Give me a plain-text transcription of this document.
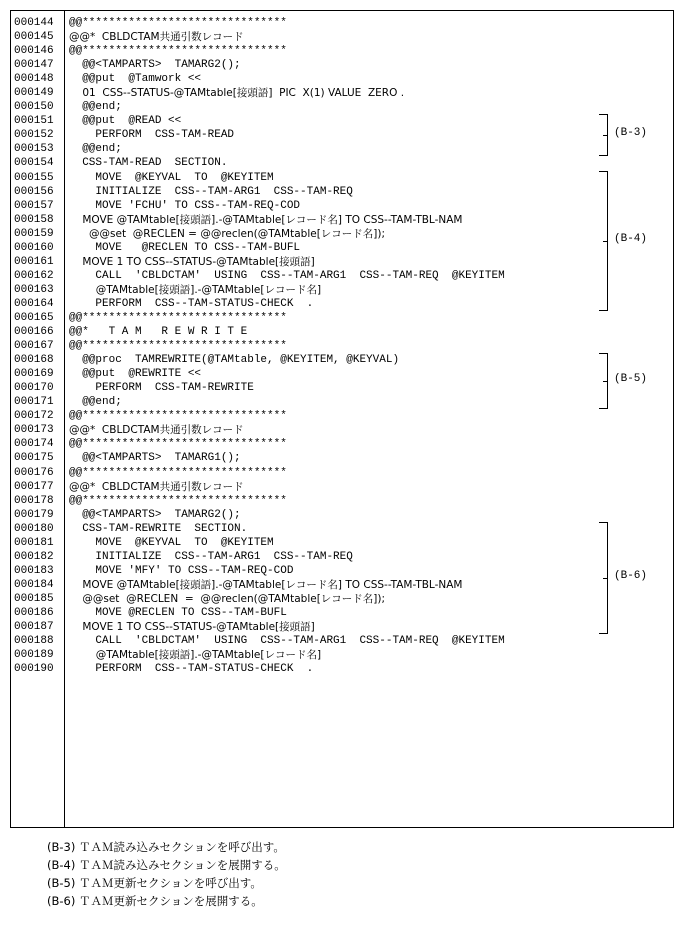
000144
000145
000146
000147
000148
000149
000150
000151
000152
000153
000154
000155
000156
000157
000158
000159
000160
000161
000162
000163
000164
000165
000166
000167
000168
000169
000170
000171
000172
000173
000174
000175
000176
000177
000178
000179
000180
000181
000182
000183
000184
000185
000186
000187
000188
000189
000190
@@*******************************
@@*  CBLDCTAM共通引数レコード
@@*******************************
@@<TAMPARTS>  TAMARG2();
@@put  @Tamwork <<
01  CSS--STATUS-@TAMtable[接頭語]  PIC  X(1) VALUE  ZERO .
@@end;
@@put  @READ <<
PERFORM  CSS-TAM-READ
@@end;
CSS-TAM-READ  SECTION.
MOVE  @KEYVAL  TO  @KEYITEM
INITIALIZE  CSS--TAM-ARG1  CSS--TAM-REQ
MOVE 'FCHU' TO CSS--TAM-REQ-COD
MOVE @TAMtable[接頭語].-@TAMtable[レコード名] TO CSS--TAM-TBL-NAM
@@set  @RECLEN = @@reclen(@TAMtable[レコード名]);
MOVE   @RECLEN TO CSS--TAM-BUFL
MOVE 1 TO CSS--STATUS-@TAMtable[接頭語]
CALL  'CBLDCTAM'  USING  CSS--TAM-ARG1  CSS--TAM-REQ  @KEYITEM
@TAMtable[接頭語].-@TAMtable[レコード名]
PERFORM  CSS--TAM-STATUS-CHECK  .
@@*******************************
@@*   T A M   R E W R I T E
@@*******************************
@@proc  TAMREWRITE(@TAMtable, @KEYITEM, @KEYVAL)
@@put  @REWRITE <<
PERFORM  CSS-TAM-REWRITE
@@end;
@@*******************************
@@*  CBLDCTAM共通引数レコード
@@*******************************
@@<TAMPARTS>  TAMARG1();
@@*******************************
@@*  CBLDCTAM共通引数レコード
@@*******************************
@@<TAMPARTS>  TAMARG2();
CSS-TAM-REWRITE  SECTION.
MOVE  @KEYVAL  TO  @KEYITEM
INITIALIZE  CSS--TAM-ARG1  CSS--TAM-REQ
MOVE 'MFY' TO CSS--TAM-REQ-COD
MOVE @TAMtable[接頭語].-@TAMtable[レコード名] TO CSS--TAM-TBL-NAM
@@set  @RECLEN  =  @@reclen(@TAMtable[レコード名]);
MOVE @RECLEN TO CSS--TAM-BUFL
MOVE 1 TO CSS--STATUS-@TAMtable[接頭語]
CALL  'CBLDCTAM'  USING  CSS--TAM-ARG1  CSS--TAM-REQ  @KEYITEM
@TAMtable[接頭語].-@TAMtable[レコード名]
PERFORM  CSS--TAM-STATUS-CHECK  .
(B-3)
(B-4)
(B-5)
(B-6)
(B-3) ＴＡＭ読み込みセクションを呼び出す。
(B-4) ＴＡＭ読み込みセクションを展開する。
(B-5) ＴＡＭ更新セクションを呼び出す。
(B-6) ＴＡＭ更新セクションを展開する。
